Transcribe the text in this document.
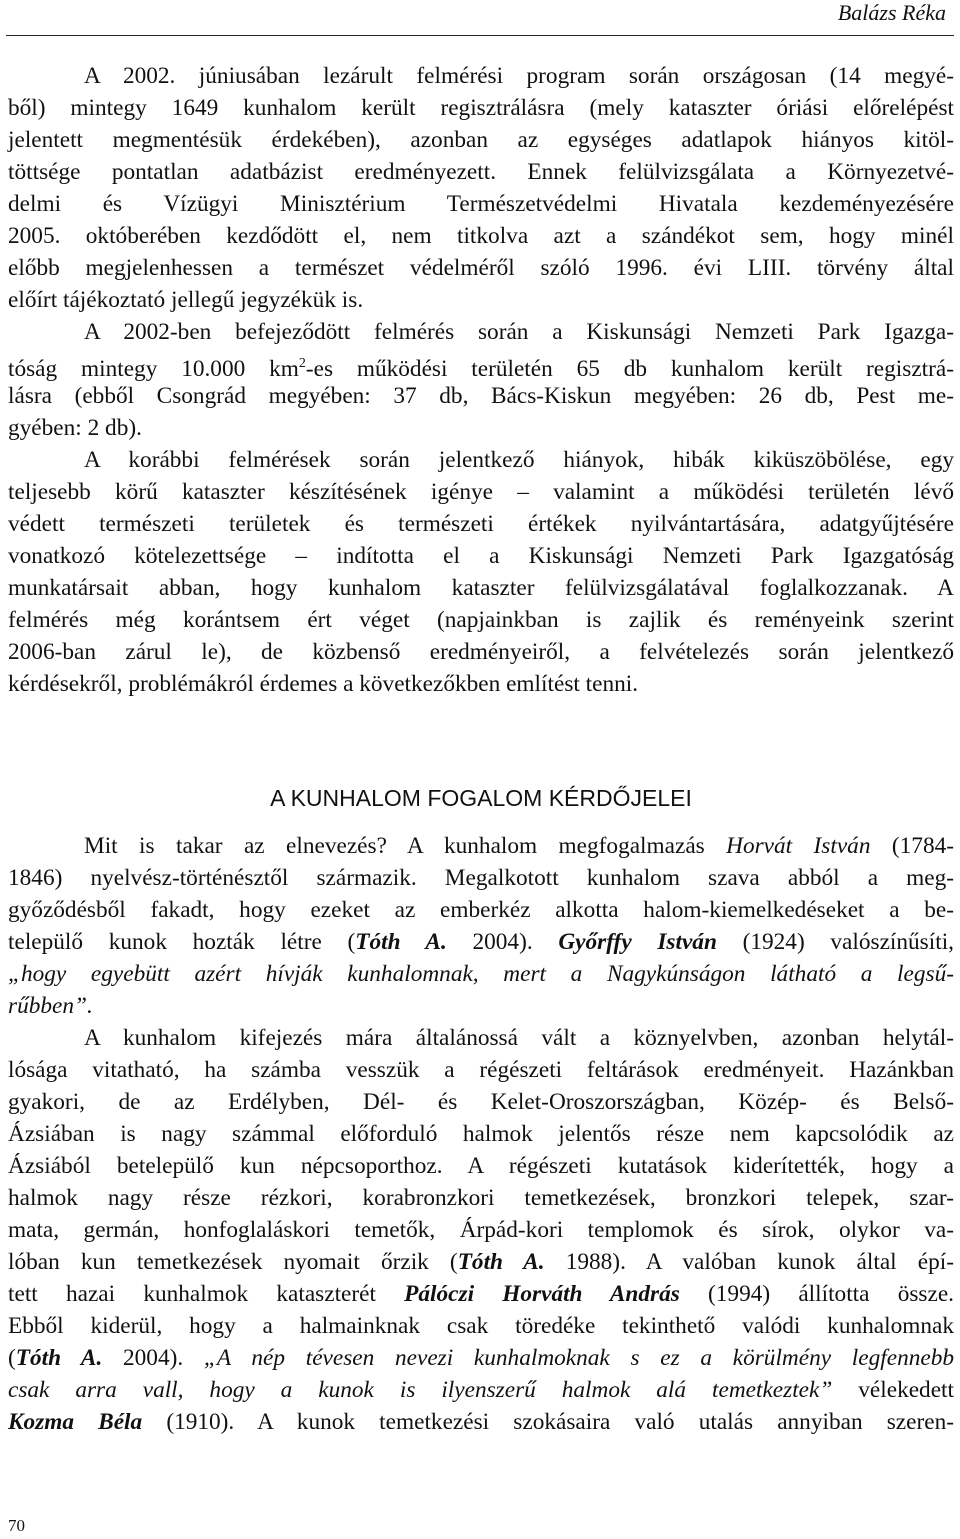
Balázs Réka
A 2002. júniusában lezárult felmérési program során országosan (14 megyé-
ből) mintegy 1649 kunhalom került regisztrálásra (mely kataszter óriási előrelépést
jelentett megmentésük érdekében), azonban az egységes adatlapok hiányos kitöl-
töttsége pontatlan adatbázist eredményezett. Ennek felülvizsgálata a Környezetvé-
delmi és Vízügyi Minisztérium Természetvédelmi Hivatala kezdeményezésére
2005. októberében kezdődött el, nem titkolva azt a szándékot sem, hogy minél
előbb megjelenhessen a természet védelméről szóló 1996. évi LIII. törvény által
előírt tájékoztató jellegű jegyzékük is.
A 2002-ben befejeződött felmérés során a Kiskunsági Nemzeti Park Igazga-
tóság mintegy 10.000 $km^2-es$ működési területén 65 db kunhalom került regisztrá-
lásra (ebből Csongrád megyében: 37 db, Bács-Kiskun megyében: 26 db, Pest me-
gyében: 2 db).
A korábbi felmérések során jelentkező hiányok, hibák kiküszöbölése, egy
teljesebb körű kataszter készítésének igénye – valamint a működési területén lévő
védett természeti területek és természeti értékek nyilvántartására, adatgyűjtésére
vonatkozó kötelezettsége – indította el a Kiskunsági Nemzeti Park Igazgatóság
munkatársait abban, hogy kunhalom kataszter felülvizsgálatával foglalkozzanak. A
felmérés még korántsem ért véget (napjainkban is zajlik és reményeink szerint
2006-ban zárul le), de közbenső eredményeiről, a felvételezés során jelentkező
kérdésekről, problémákról érdemes a következőkben említést tenni.
A KUNHALOM FOGALOM KÉRDŐJELEI
Mit is takar az elnevezés? A kunhalom megfogalmazás Horvát István (1784-
1846) nyelvész-történésztől származik. Megalkotott kunhalom szava abból a meg-
győződésből fakadt, hogy ezeket az emberkéz alkotta halom-kiemelkedéseket a be-
települő kunok hozták létre (Tóth A. 2004). Győrffy István (1924) valószínűsíti,
„hogy egyebütt azért hívják kunhalomnak, mert a Nagykúnságon látható a legsű-
rűbben”.
A kunhalom kifejezés mára általánossá vált a köznyelvben, azonban helytál-
lósága vitatható, ha számba vesszük a régészeti feltárások eredményeit. Hazánkban
gyakori, de az Erdélyben, Dél- és Kelet-Oroszországban, Közép- és Belső-
Ázsiában is nagy számmal előforduló halmok jelentős része nem kapcsolódik az
Ázsiából betelepülő kun népcsoporthoz. A régészeti kutatások kiderítették, hogy a
halmok nagy része rézkori, korabronzkori temetkezések, bronzkori telepek, szar-
mata, germán, honfoglaláskori temetők, Árpád-kori templomok és sírok, olykor va-
lóban kun temetkezések nyomait őrzik (Tóth A. 1988). A valóban kunok által épí-
tett hazai kunhalmok kataszterét Pálóczi Horváth András (1994) állította össze.
Ebből kiderül, hogy a halmainknak csak töredéke tekinthető valódi kunhalomnak
(Tóth A. 2004). „A nép tévesen nevezi kunhalmoknak s ez a körülmény legfennebb
csak arra vall, hogy a kunok is ilyenszerű halmok alá temetkeztek” vélekedett
Kozma Béla (1910). A kunok temetkezési szokásaira való utalás annyiban szeren-
70
